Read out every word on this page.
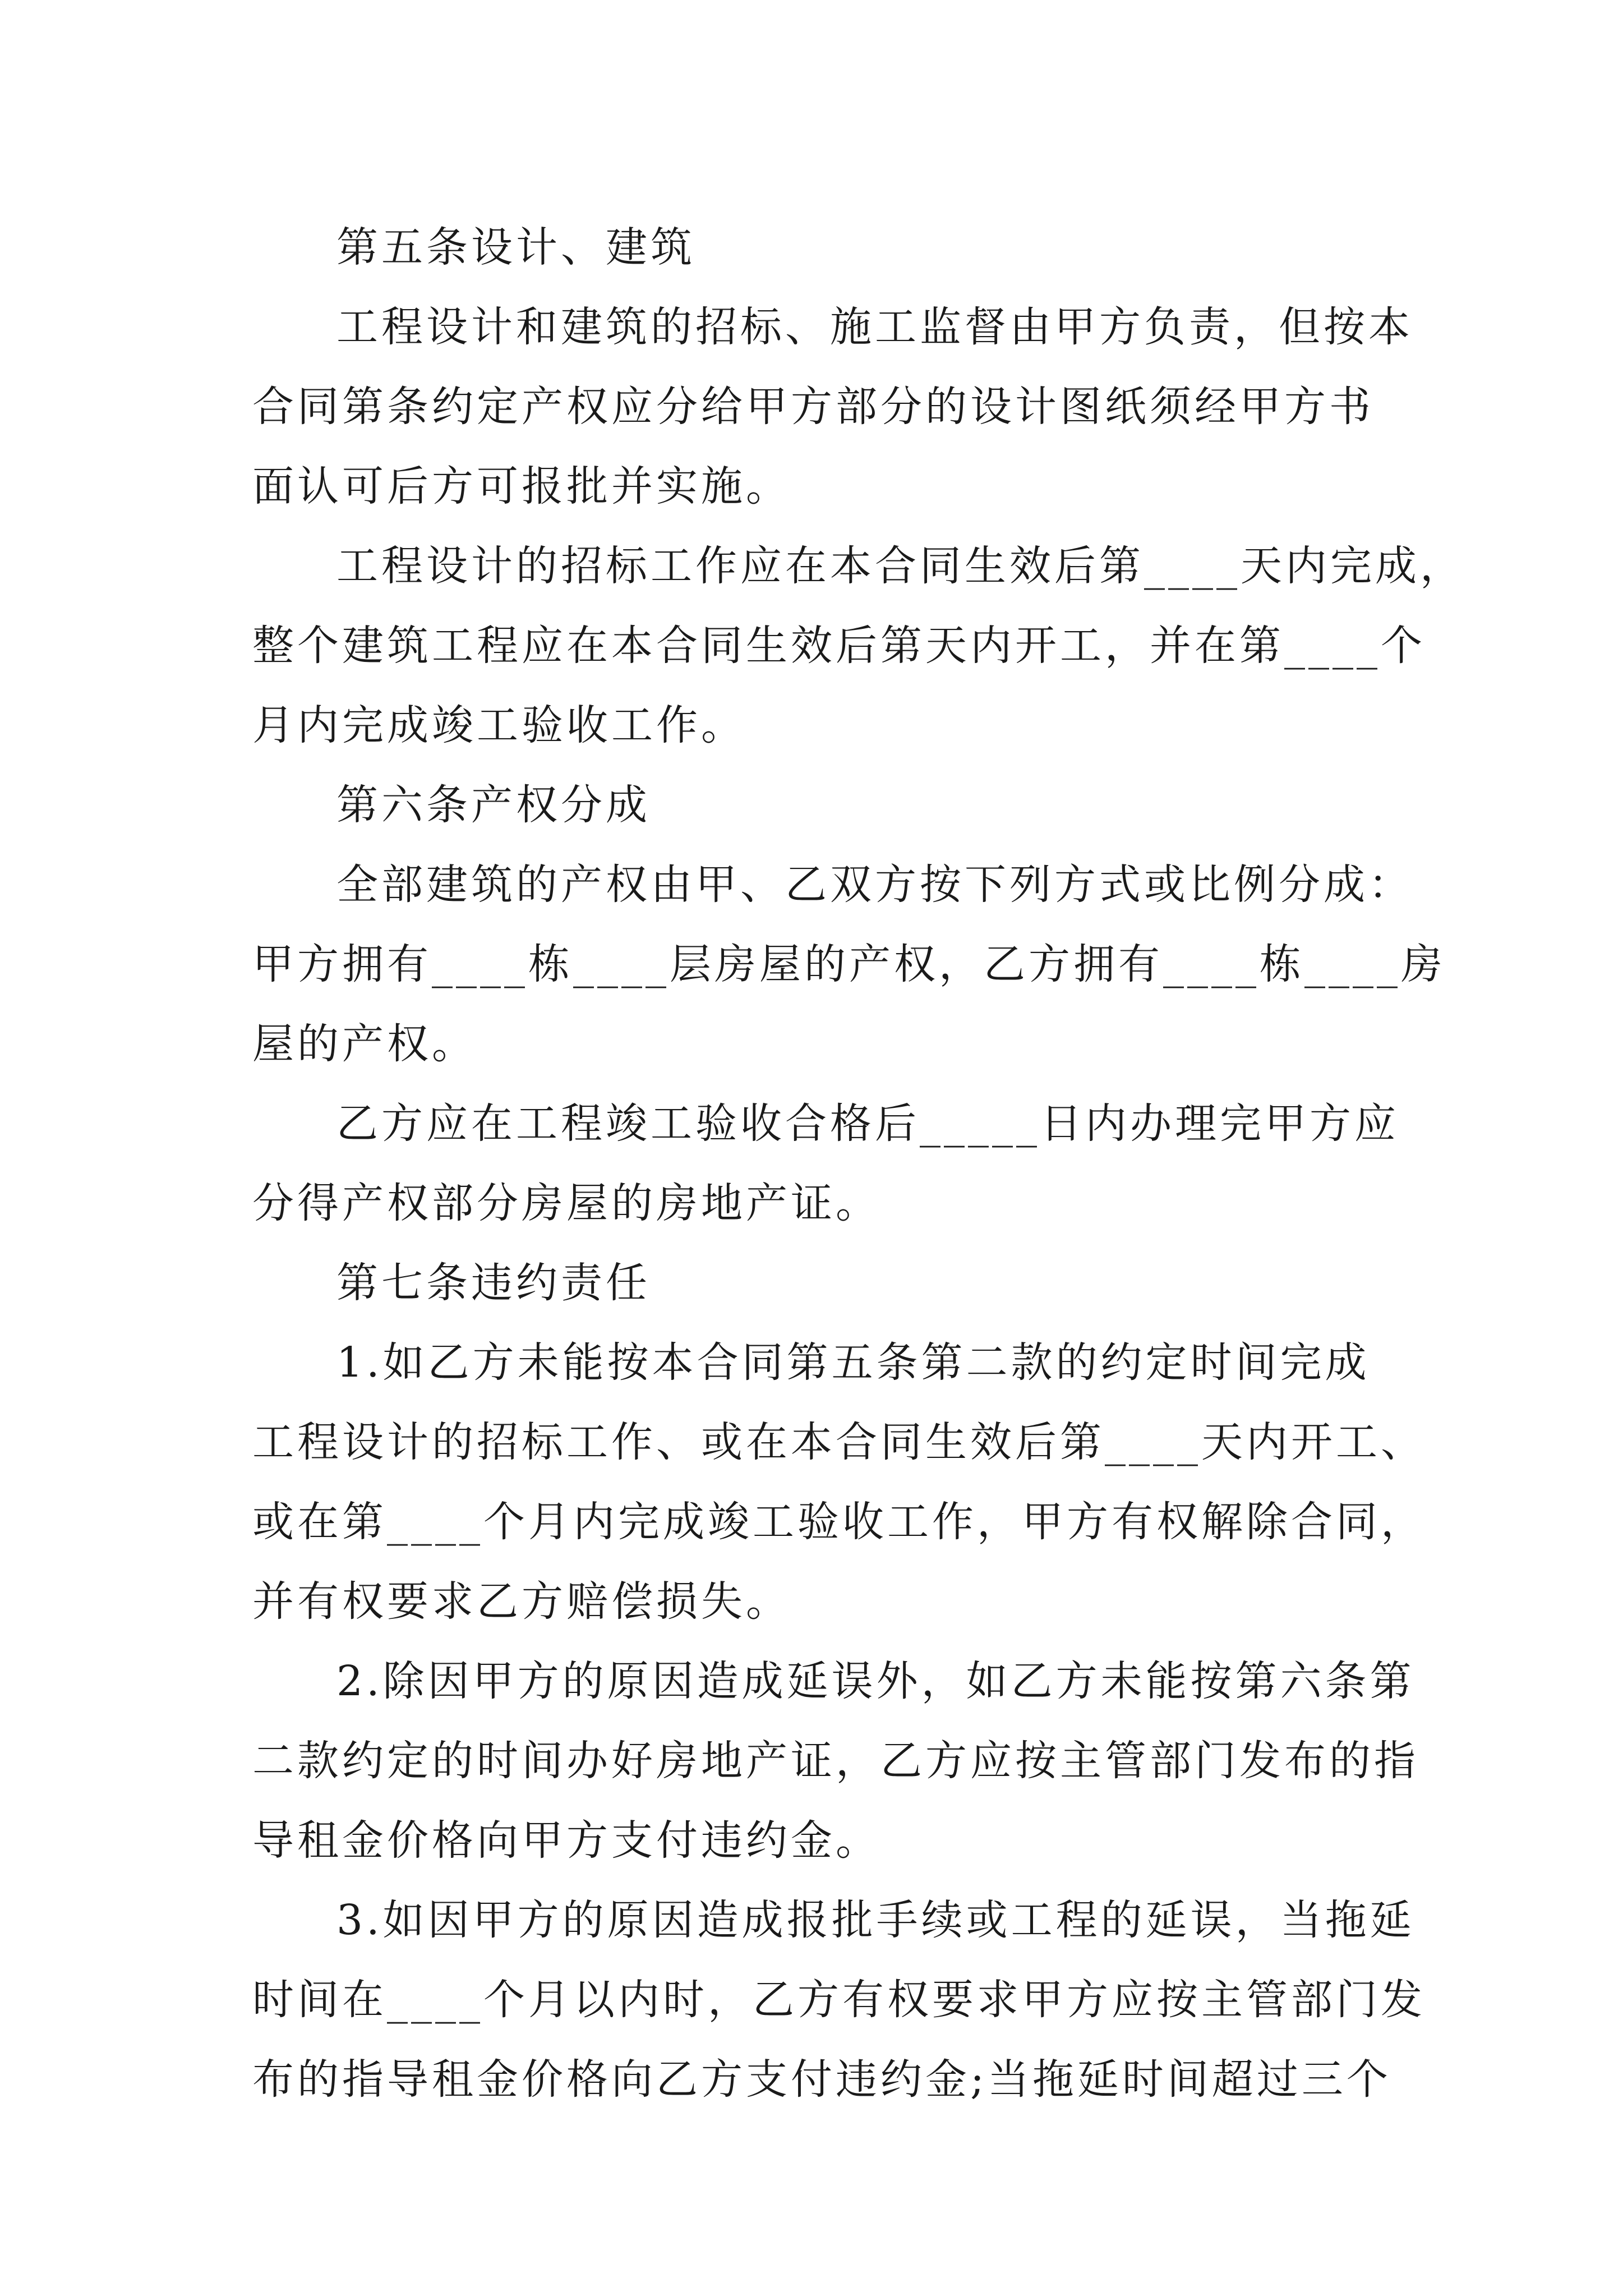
第五条设计、建筑
工程设计和建筑的招标、施工监督由甲方负责，但按本
合同第条约定产权应分给甲方部分的设计图纸须经甲方书
面认可后方可报批并实施。
工程设计的招标工作应在本合同生效后第____天内完成，
整个建筑工程应在本合同生效后第天内开工，并在第____个
月内完成竣工验收工作。
第六条产权分成
全部建筑的产权由甲、乙双方按下列方式或比例分成：
甲方拥有____栋____层房屋的产权，乙方拥有____栋____房
屋的产权。
乙方应在工程竣工验收合格后_____日内办理完甲方应
分得产权部分房屋的房地产证。
第七条违约责任
1.如乙方未能按本合同第五条第二款的约定时间完成
工程设计的招标工作、或在本合同生效后第____天内开工、
或在第____个月内完成竣工验收工作，甲方有权解除合同，
并有权要求乙方赔偿损失。
2.除因甲方的原因造成延误外，如乙方未能按第六条第
二款约定的时间办好房地产证，乙方应按主管部门发布的指
导租金价格向甲方支付违约金。
3.如因甲方的原因造成报批手续或工程的延误，当拖延
时间在____个月以内时，乙方有权要求甲方应按主管部门发
布的指导租金价格向乙方支付违约金;当拖延时间超过三个
